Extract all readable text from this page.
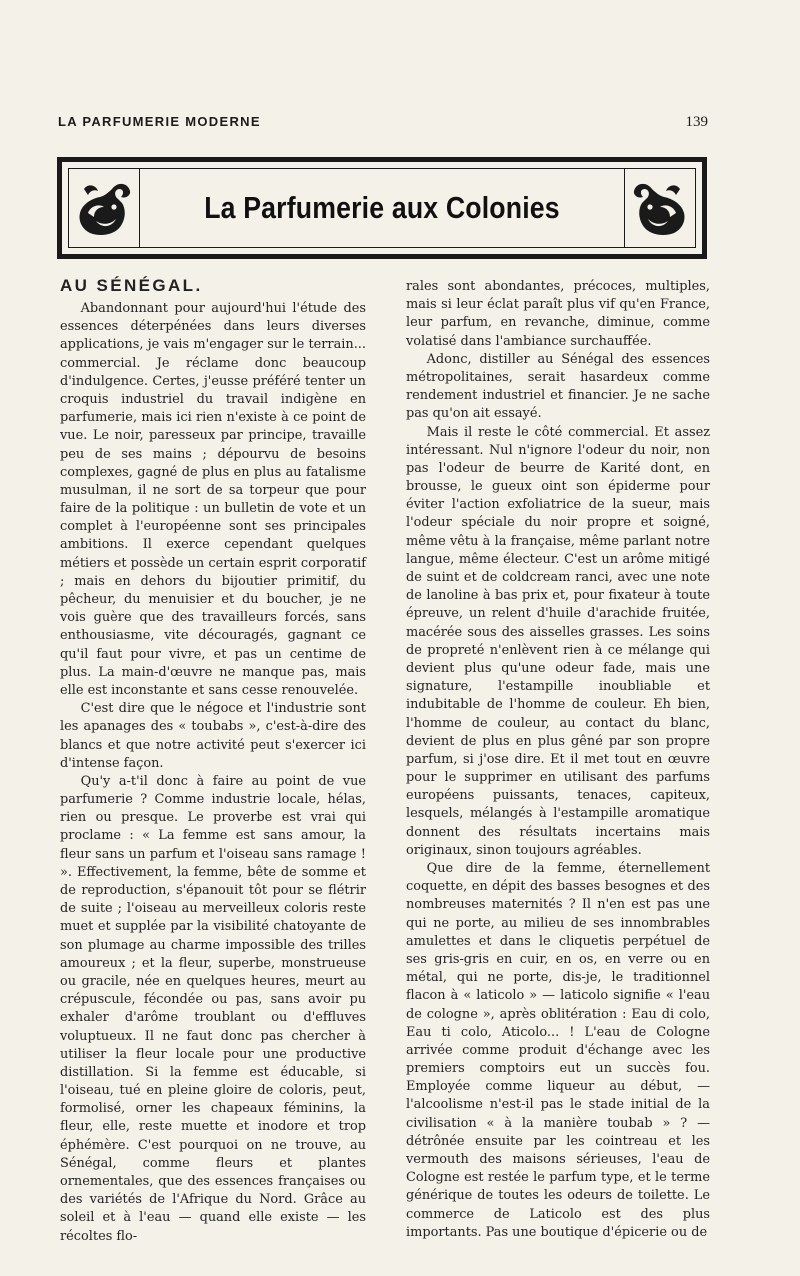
LA PARFUMERIE MODERNE	139
La Parfumerie aux Colonies
AU SÉNÉGAL.

Abandonnant pour aujourd'hui l'étude des essences déterpénées dans leurs diverses applications, je vais m'engager sur le terrain... commercial. Je réclame donc beaucoup d'indulgence. Certes, j'eusse préféré tenter un croquis industriel du travail indigène en parfumerie, mais ici rien n'existe à ce point de vue. Le noir, paresseux par principe, travaille peu de ses mains ; dépourvu de besoins complexes, gagné de plus en plus au fatalisme musulman, il ne sort de sa torpeur que pour faire de la politique : un bulletin de vote et un complet à l'européenne sont ses principales ambitions. Il exerce cependant quelques métiers et possède un certain esprit corporatif ; mais en dehors du bijoutier primitif, du pêcheur, du menuisier et du boucher, je ne vois guère que des travailleurs forcés, sans enthousiasme, vite découragés, gagnant ce qu'il faut pour vivre, et pas un centime de plus. La main-d'œuvre ne manque pas, mais elle est inconstante et sans cesse renouvelée.

C'est dire que le négoce et l'industrie sont les apanages des « toubabs », c'est-à-dire des blancs et que notre activité peut s'exercer ici d'intense façon.

Qu'y a-t'il donc à faire au point de vue parfumerie ? Comme industrie locale, hélas, rien ou presque. Le proverbe est vrai qui proclame : « La femme est sans amour, la fleur sans un parfum et l'oiseau sans ramage ! ». Effectivement, la femme, bête de somme et de reproduction, s'épanouit tôt pour se flétrir de suite ; l'oiseau au merveilleux coloris reste muet et supplée par la visibilité chatoyante de son plumage au charme impossible des trilles amoureux ; et la fleur, superbe, monstrueuse ou gracile, née en quelques heures, meurt au crépuscule, fécondée ou pas, sans avoir pu exhaler d'arôme troublant ou d'effluves voluptueux. Il ne faut donc pas chercher à utiliser la fleur locale pour une productive distillation. Si la femme est éducable, si l'oiseau, tué en pleine gloire de coloris, peut, formolisé, orner les chapeaux féminins, la fleur, elle, reste muette et inodore et trop éphémère. C'est pourquoi on ne trouve, au Sénégal, comme fleurs et plantes ornementales, que des essences françaises ou des variétés de l'Afrique du Nord. Grâce au soleil et à l'eau — quand elle existe — les récoltes flo-

rales sont abondantes, précoces, multiples, mais si leur éclat paraît plus vif qu'en France, leur parfum, en revanche, diminue, comme volatisé dans l'ambiance surchauffée.

Adonc, distiller au Sénégal des essences métropolitaines, serait hasardeux comme rendement industriel et financier. Je ne sache pas qu'on ait essayé.

Mais il reste le côté commercial. Et assez intéressant. Nul n'ignore l'odeur du noir, non pas l'odeur de beurre de Karité dont, en brousse, le gueux oint son épiderme pour éviter l'action exfoliatrice de la sueur, mais l'odeur spéciale du noir propre et soigné, même vêtu à la française, même parlant notre langue, même électeur. C'est un arôme mitigé de suint et de coldcream ranci, avec une note de lanoline à bas prix et, pour fixateur à toute épreuve, un relent d'huile d'arachide fruitée, macérée sous des aisselles grasses. Les soins de propreté n'enlèvent rien à ce mélange qui devient plus qu'une odeur fade, mais une signature, l'estampille inoubliable et indubitable de l'homme de couleur. Eh bien, l'homme de couleur, au contact du blanc, devient de plus en plus gêné par son propre parfum, si j'ose dire. Et il met tout en œuvre pour le supprimer en utilisant des parfums européens puissants, tenaces, capiteux, lesquels, mélangés à l'estampille aromatique donnent des résultats incertains mais originaux, sinon toujours agréables.

Que dire de la femme, éternellement coquette, en dépit des basses besognes et des nombreuses maternités ? Il n'en est pas une qui ne porte, au milieu de ses innombrables amulettes et dans le cliquetis perpétuel de ses gris-gris en cuir, en os, en verre ou en métal, qui ne porte, dis-je, le traditionnel flacon à « laticolo » — laticolo signifie « l'eau de cologne », après oblitération : Eau di colo, Eau ti colo, Aticolo... ! L'eau de Cologne arrivée comme produit d'échange avec les premiers comptoirs eut un succès fou. Employée comme liqueur au début, — l'alcoolisme n'est-il pas le stade initial de la civilisation « à la manière toubab » ? — détrônée ensuite par les cointreau et les vermouth des maisons sérieuses, l'eau de Cologne est restée le parfum type, et le terme générique de toutes les odeurs de toilette. Le commerce de Laticolo est des plus importants. Pas une boutique d'épicerie ou de
